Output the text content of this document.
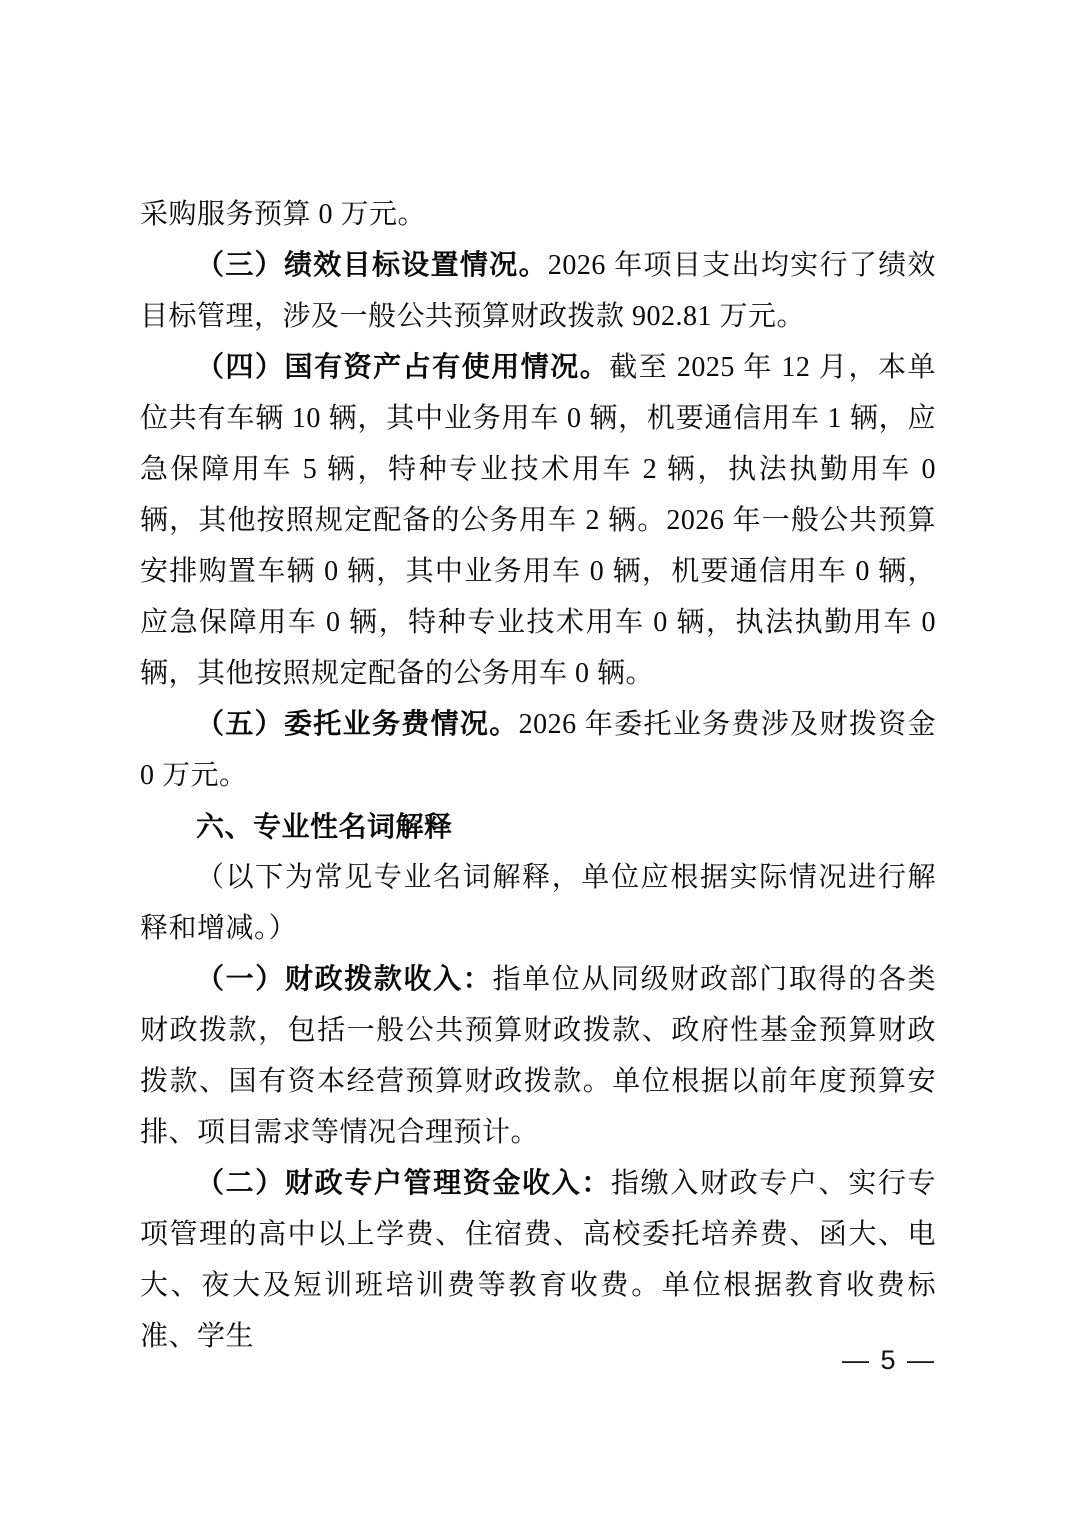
采购服务预算 0 万元。

（三）绩效目标设置情况。2026 年项目支出均实行了绩效目标管理，涉及一般公共预算财政拨款 902.81 万元。

（四）国有资产占有使用情况。截至 2025 年 12 月，本单位共有车辆 10 辆，其中业务用车 0 辆，机要通信用车 1 辆，应急保障用车 5 辆，特种专业技术用车 2 辆，执法执勤用车 0 辆，其他按照规定配备的公务用车 2 辆。2026 年一般公共预算安排购置车辆 0 辆，其中业务用车 0 辆，机要通信用车 0 辆，应急保障用车 0 辆，特种专业技术用车 0 辆，执法执勤用车 0 辆，其他按照规定配备的公务用车 0 辆。

（五）委托业务费情况。2026 年委托业务费涉及财拨资金 0 万元。

六、专业性名词解释

（以下为常见专业名词解释，单位应根据实际情况进行解释和增减。）

（一）财政拨款收入：指单位从同级财政部门取得的各类财政拨款，包括一般公共预算财政拨款、政府性基金预算财政拨款、国有资本经营预算财政拨款。单位根据以前年度预算安排、项目需求等情况合理预计。

（二）财政专户管理资金收入：指缴入财政专户、实行专项管理的高中以上学费、住宿费、高校委托培养费、函大、电大、夜大及短训班培训费等教育收费。单位根据教育收费标准、学生

— 5 —
